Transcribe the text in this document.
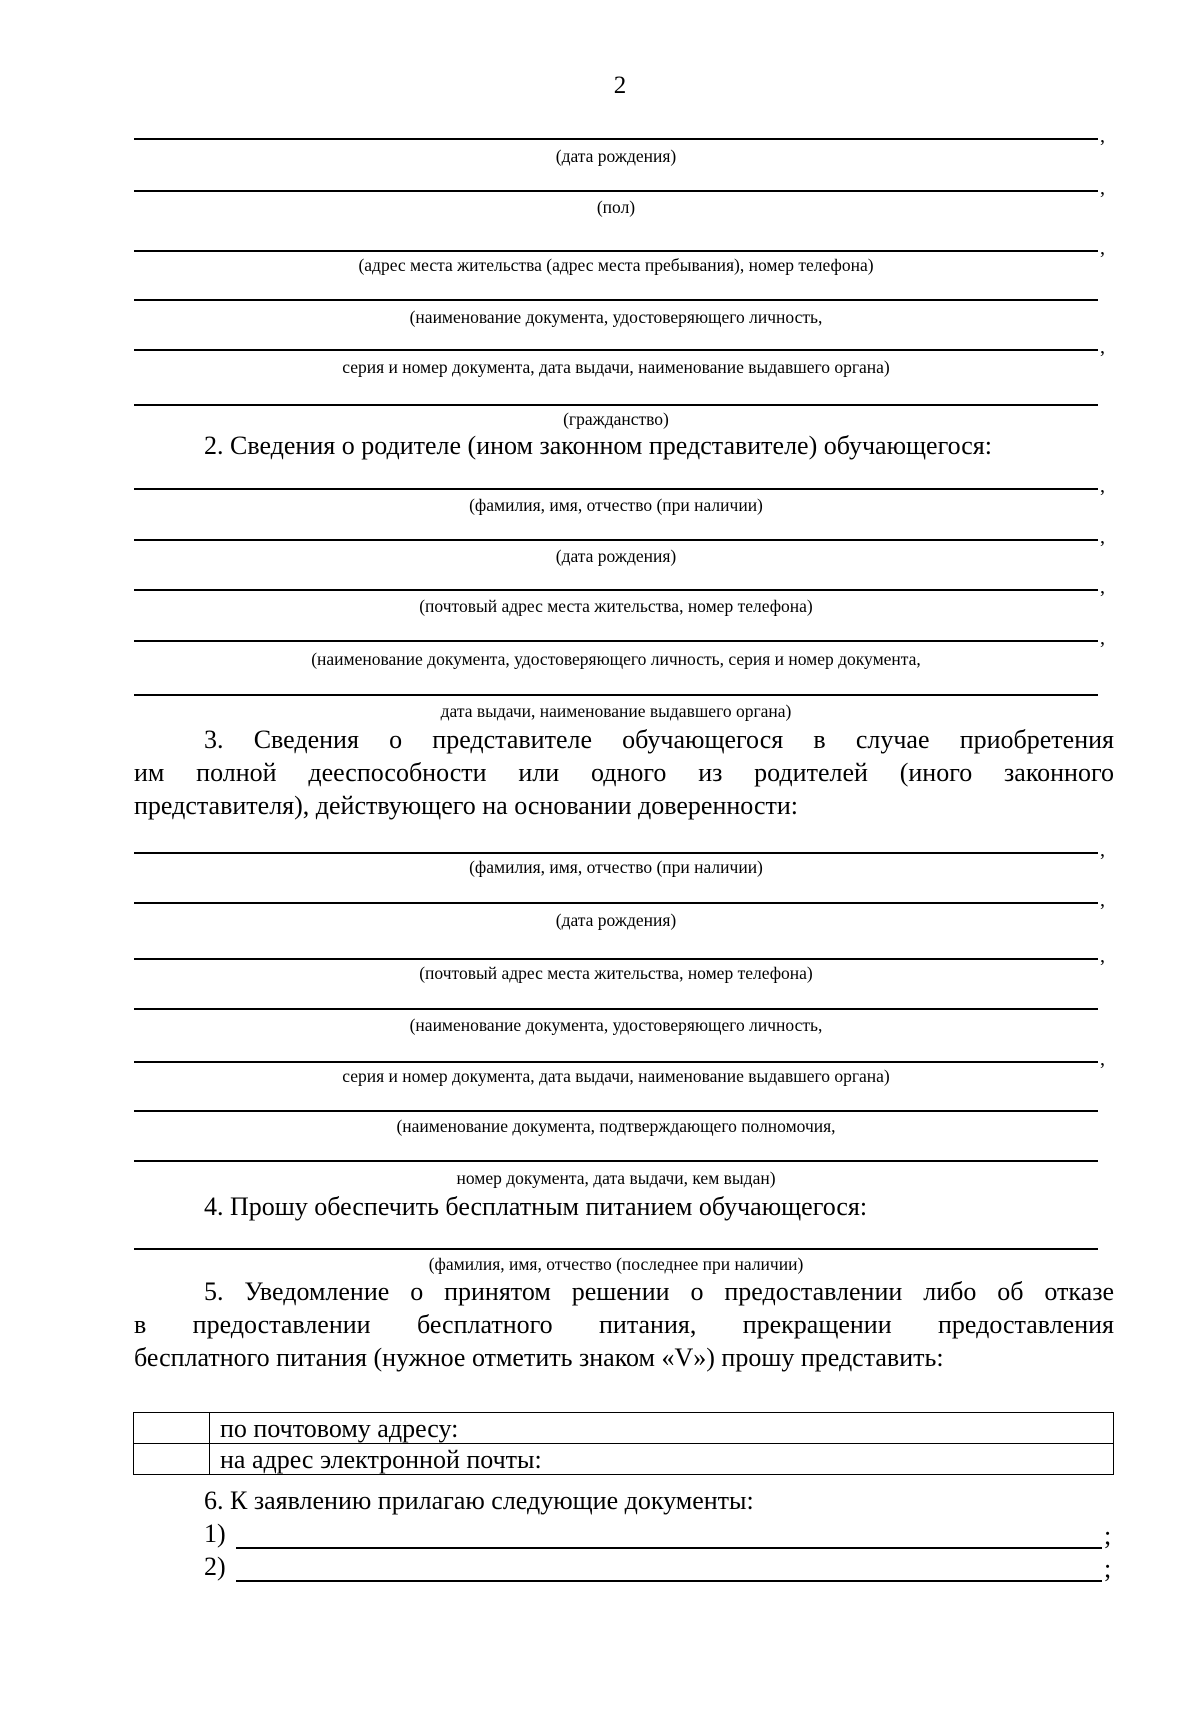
2
,
(дата рождения)
,
(пол)
,
(адрес места жительства (адрес места пребывания), номер телефона)
(наименование документа, удостоверяющего личность,
,
серия и номер документа, дата выдачи, наименование выдавшего органа)
(гражданство)
2. Сведения о родителе (ином законном представителе) обучающегося:
,
(фамилия, имя, отчество (при наличии)
,
(дата рождения)
,
(почтовый адрес места жительства, номер телефона)
,
(наименование документа, удостоверяющего личность, серия и номер документа,
дата выдачи, наименование выдавшего органа)
3. Сведения о представителе обучающегося в случае приобретения
им полной дееспособности или одного из родителей (иного законного
представителя), действующего на основании доверенности:
,
(фамилия, имя, отчество (при наличии)
,
(дата рождения)
,
(почтовый адрес места жительства, номер телефона)
(наименование документа, удостоверяющего личность,
,
серия и номер документа, дата выдачи, наименование выдавшего органа)
(наименование документа, подтверждающего полномочия,
номер документа, дата выдачи, кем выдан)
4. Прошу обеспечить бесплатным питанием обучающегося:
(фамилия, имя, отчество (последнее при наличии)
5. Уведомление о принятом решении о предоставлении либо об отказе
в предоставлении бесплатного питания, прекращении предоставления
бесплатного питания (нужное отметить знаком «V») прошу представить:
	по почтовому адресу:
	на адрес электронной почты:
6. К заявлению прилагаю следующие документы:
1)	;
2)	;
